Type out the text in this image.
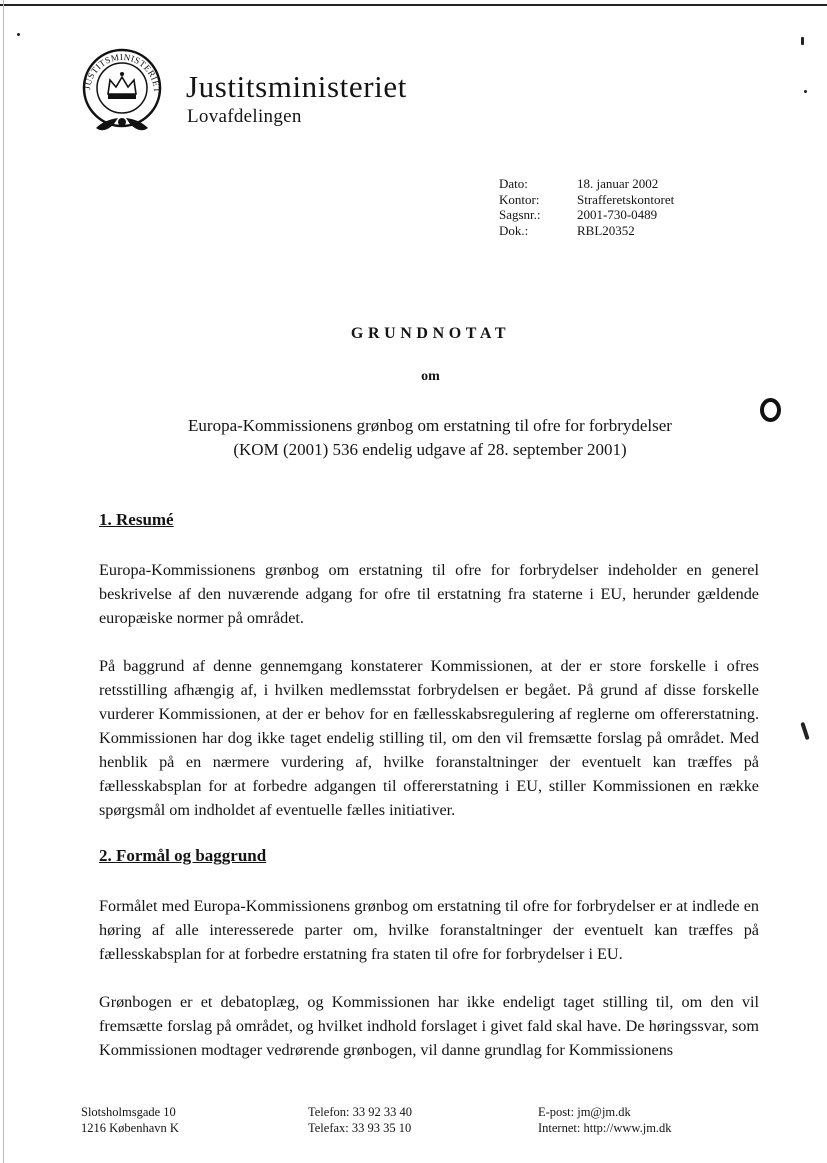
JUSTITSMINISTERIET Justitsministeriet
Lovafdelingen
Dato:	18. januar 2002
Kontor:	Strafferetskontoret
Sagsnr.:	2001-730-0489
Dok.:	RBL20352
GRUNDNOTAT
om
Europa-Kommissionens grønbog om erstatning til ofre for forbrydelser
(KOM (2001) 536 endelig udgave af 28. september 2001)
1. Resumé

Europa-Kommissionens grønbog om erstatning til ofre for forbrydelser indeholder en generel beskrivelse af den nuværende adgang for ofre til erstatning fra staterne i EU, herunder gældende europæiske normer på området.

På baggrund af denne gennemgang konstaterer Kommissionen, at der er store forskelle i ofres retsstilling afhængig af, i hvilken medlemsstat forbrydelsen er begået. På grund af disse forskelle vurderer Kommissionen, at der er behov for en fællesskabsregulering af reglerne om offererstatning. Kommissionen har dog ikke taget endelig stilling til, om den vil fremsætte forslag på området. Med henblik på en nærmere vurdering af, hvilke foranstaltninger der eventuelt kan træffes på fællesskabsplan for at forbedre adgangen til offererstatning i EU, stiller Kommissionen en række spørgsmål om indholdet af eventuelle fælles initiativer.

2. Formål og baggrund

Formålet med Europa-Kommissionens grønbog om erstatning til ofre for forbrydelser er at indlede en høring af alle interesserede parter om, hvilke foranstaltninger der eventuelt kan træffes på fællesskabsplan for at forbedre erstatning fra staten til ofre for forbrydelser i EU.

Grønbogen er et debatoplæg, og Kommissionen har ikke endeligt taget stilling til, om den vil fremsætte forslag på området, og hvilket indhold forslaget i givet fald skal have. De høringssvar, som Kommissionen modtager vedrørende grønbogen, vil danne grundlag for Kommissionens

Slotsholmsgade 10
1216 København K
Telefon: 33 92 33 40
Telefax: 33 93 35 10
E-post: jm@jm.dk
Internet: http://www.jm.dk
